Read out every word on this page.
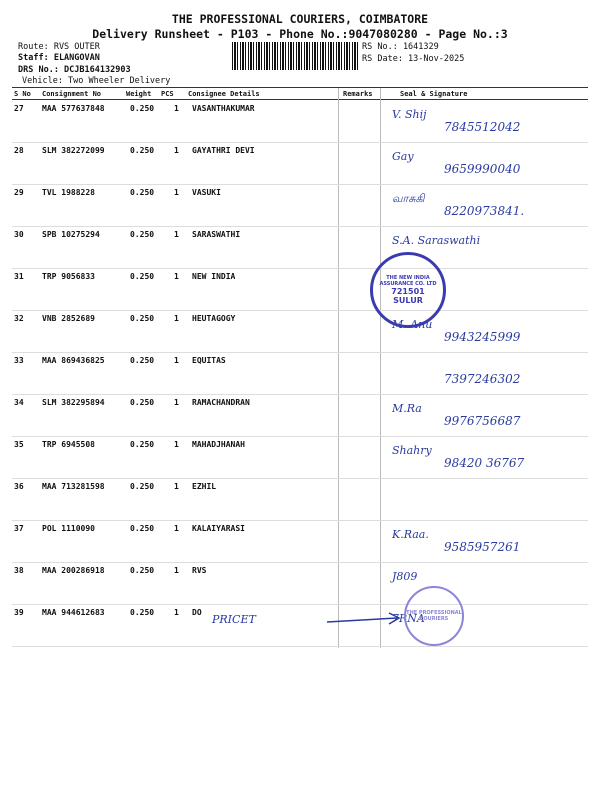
THE PROFESSIONAL COURIERS, COIMBATORE
Delivery Runsheet - P103 - Phone No.:9047080280 - Page No.:3
Route: RVS OUTER
Staff: ELANGOVAN
DRS No.: DCJB164132903
Vehicle: Two Wheeler Delivery
RS No.: 1641329
RS Date: 13-Nov-2025
S No Consignment No	Weight PCS Consignee Details	Remarks	Seal & Signature
27 MAA 577637848	0.250 1 VASANTHAKUMAR	V. Shij
7845512042
28 SLM 382272099	0.250 1 GAYATHRI DEVI	Gay
9659990040
29 TVL 1988228	0.250 1 VASUKI	வாசுகி
8220973841.
30 SPB 10275294	0.250 1 SARASWATHI	S.A. Saraswathi
31 TRP 9056833	0.250 1 NEW INDIA
32 VNB 2852689	0.250 1 HEUTAGOGY	M. Anu
9943245999
33 MAA 869436825	0.250 1 EQUITAS
7397246302
34 SLM 382295894	0.250 1 RAMACHANDRAN	M.Ra
9976756687
35 TRP 6945508	0.250 1 MAHADJHANAH	Shahry
98420 36767
36 MAA 713281598	0.250 1 EZHIL
37 POL 1110090	0.250 1 KALAIYARASI	K.Raa.
9585957261
38 MAA 200286918	0.250 1 RVS	J809
39 MAA 944612683	0.250 1 DO	7RNA
PRICET
THE NEW INDIA ASSURANCE CO. LTD
721501
SULUR
THE PROFESSIONAL COURIERS
